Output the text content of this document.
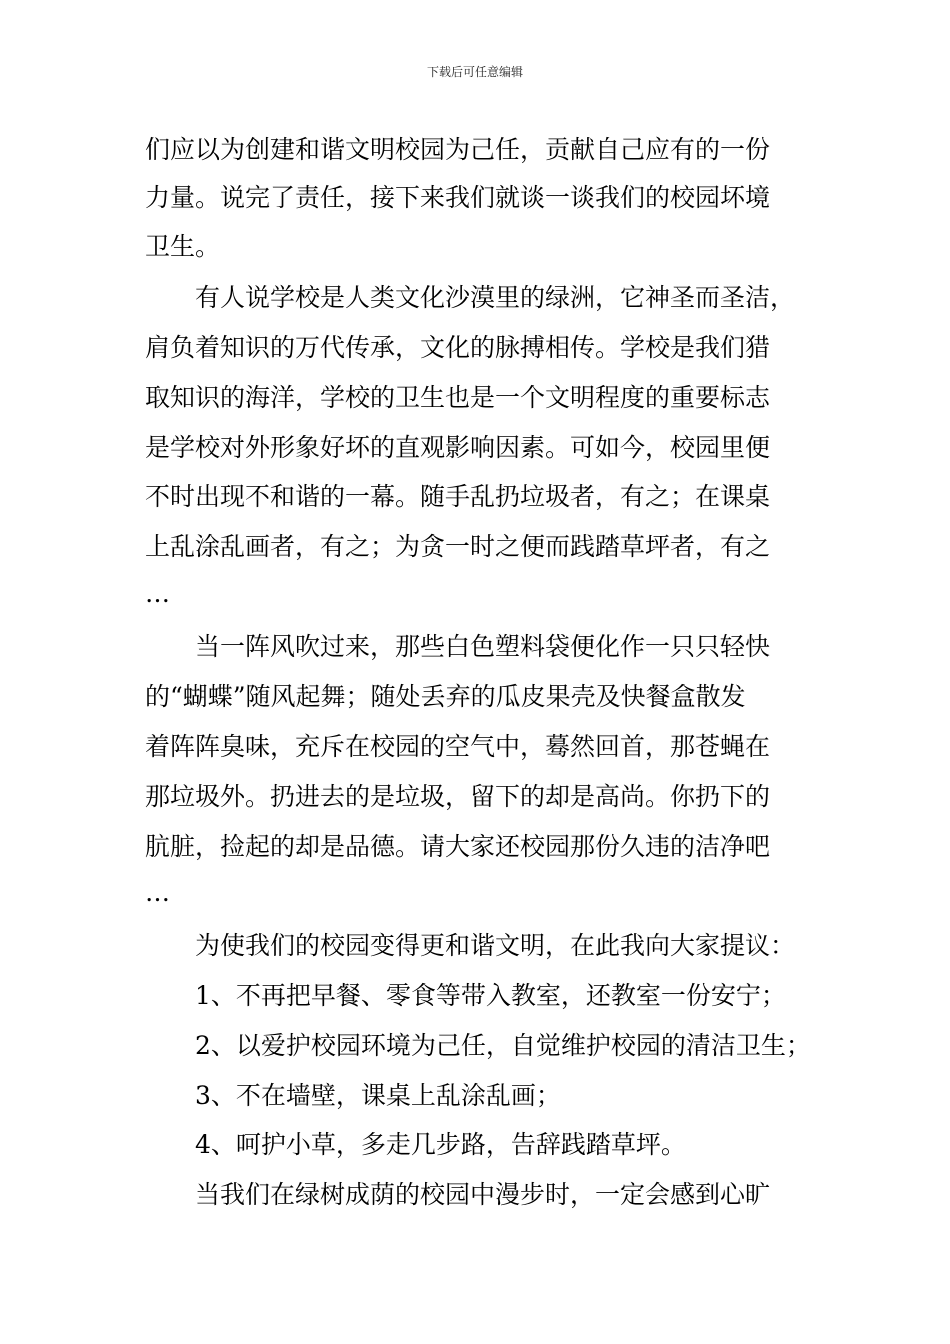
下载后可任意编辑
们应以为创建和谐文明校园为己任，贡献自己应有的一份
力量。说完了责任，接下来我们就谈一谈我们的校园坏境
卫生。
　　有人说学校是人类文化沙漠里的绿洲，它神圣而圣洁，
肩负着知识的万代传承，文化的脉搏相传。学校是我们猎
取知识的海洋，学校的卫生也是一个文明程度的重要标志
是学校对外形象好坏的直观影响因素。可如今，校园里便
不时出现不和谐的一幕。随手乱扔垃圾者，有之；在课桌
上乱涂乱画者，有之；为贪一时之便而践踏草坪者，有之
…
　　当一阵风吹过来，那些白色塑料袋便化作一只只轻快
的“蝴蝶”随风起舞；随处丢弃的瓜皮果壳及快餐盒散发
着阵阵臭味，充斥在校园的空气中，蓦然回首，那苍蝇在
那垃圾外。扔进去的是垃圾，留下的却是高尚。你扔下的
肮脏，捡起的却是品德。请大家还校园那份久违的洁净吧
…
　　为使我们的校园变得更和谐文明，在此我向大家提议：
　　1、不再把早餐、零食等带入教室，还教室一份安宁；
　　2、以爱护校园环境为己任，自觉维护校园的清洁卫生；
　　3、不在墙壁，课桌上乱涂乱画；
　　4、呵护小草，多走几步路，告辞践踏草坪。
　　当我们在绿树成荫的校园中漫步时，一定会感到心旷
